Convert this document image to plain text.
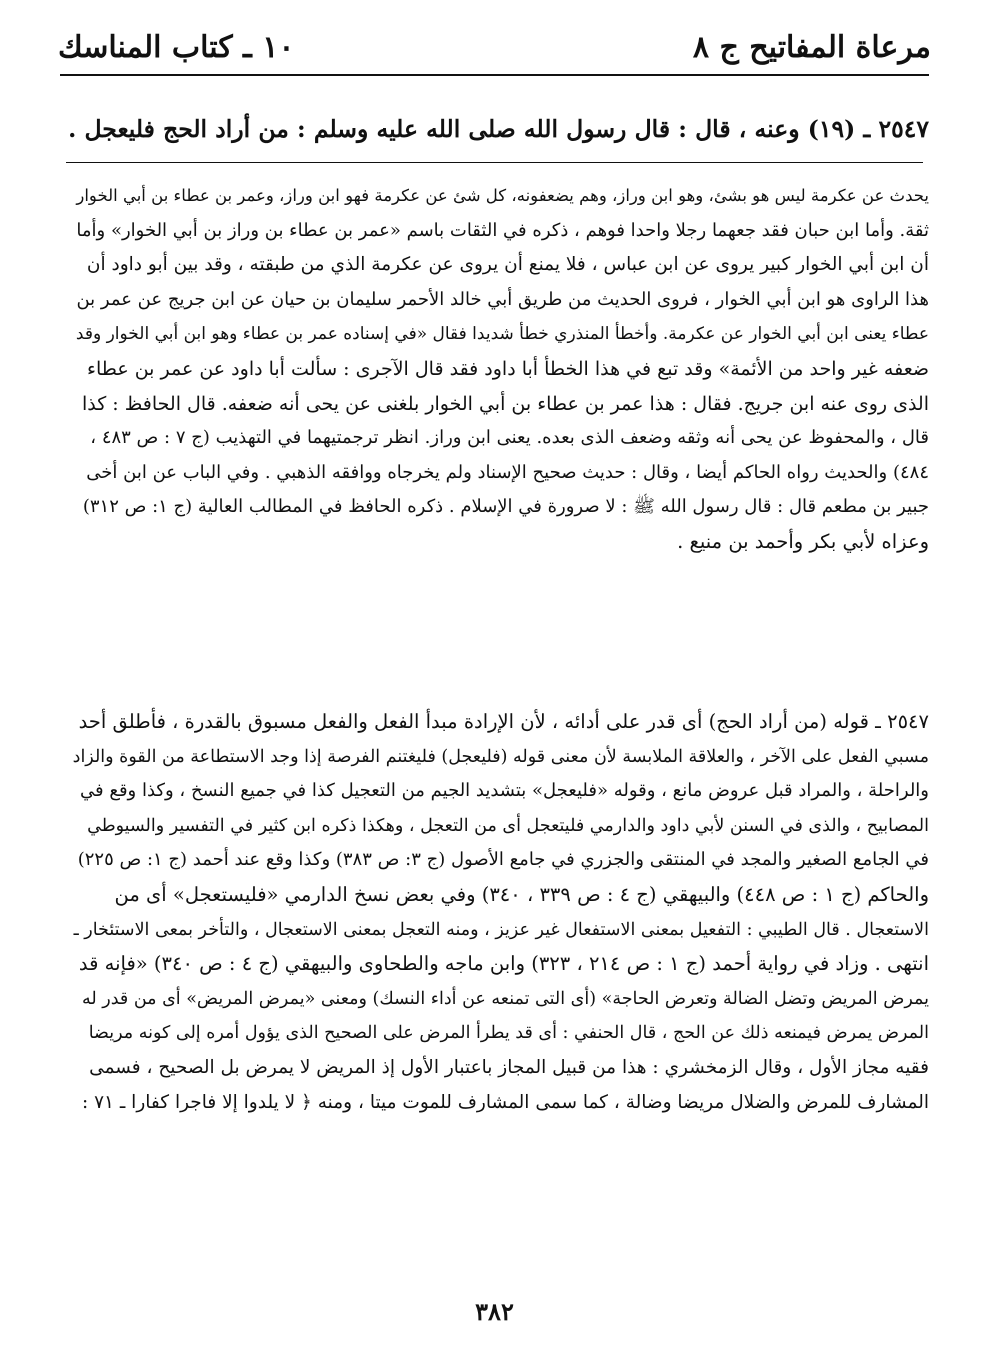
مرعاة المفاتيح ج ٨
١٠ ـ كتاب المناسك
٢٥٤٧ ـ (١٩) وعنه ، قال : قال رسول الله صلى الله عليه وسلم : من أراد الحج فليعجل .
يحدث عن عكرمة ليس هو بشئ، وهو ابن وراز، وهم يضعفونه، كل شئ عن عكرمة فهو ابن وراز، وعمر بن عطاء بن أبي الخوار
ثقة. وأما ابن حبان فقد جعهما رجلا واحدا فوهم ، ذكره في الثقات باسم «عمر بن عطاء بن وراز بن أبي الخوار» وأما
أن ابن أبي الخوار كبير يروى عن ابن عباس ، فلا يمنع أن يروى عن عكرمة الذي من طبقته ، وقد بين أبو داود أن
هذا الراوى هو ابن أبي الخوار ، فروى الحديث من طريق أبي خالد الأحمر سليمان بن حيان عن ابن جريج عن عمر بن
عطاء يعنى ابن أبي الخوار عن عكرمة. وأخطأ المنذري خطأ شديدا فقال «في إسناده عمر بن عطاء وهو ابن أبي الخوار وقد
ضعفه غير واحد من الأئمة» وقد تبع في هذا الخطأ أبا داود فقد قال الآجرى : سألت أبا داود عن عمر بن عطاء
الذى روى عنه ابن جريج. فقال : هذا عمر بن عطاء بن أبي الخوار بلغنى عن يحى أنه ضعفه. قال الحافظ : كذا
قال ، والمحفوظ عن يحى أنه وثقه وضعف الذى بعده. يعنى ابن وراز. انظر ترجمتيهما في التهذيب (ج ٧ : ص ٤٨٣ ،
٤٨٤) والحديث رواه الحاكم أيضا ، وقال : حديث صحيح الإسناد ولم يخرجاه ووافقه الذهبي . وفي الباب عن ابن أخى
جبير بن مطعم قال : قال رسول الله ﷺ : لا صرورة في الإسلام . ذكره الحافظ في المطالب العالية (ج ١: ص ٣١٢)
وعزاه لأبي بكر وأحمد بن منيع .
٢٥٤٧ ـ قوله (من أراد الحج) أى قدر على أدائه ، لأن الإرادة مبدأ الفعل والفعل مسبوق بالقدرة ، فأطلق أحد
مسبي الفعل على الآخر ، والعلاقة الملابسة لأن معنى قوله (فليعجل) فليغتنم الفرصة إذا وجد الاستطاعة من القوة والزاد
والراحلة ، والمراد قبل عروض مانع ، وقوله «فليعجل» بتشديد الجيم من التعجيل كذا في جميع النسخ ، وكذا وقع في
المصابيح ، والذى في السنن لأبي داود والدارمي فليتعجل أى من التعجل ، وهكذا ذكره ابن كثير في التفسير والسيوطي
في الجامع الصغير والمجد في المنتقى والجزري في جامع الأصول (ج ٣: ص ٣٨٣) وكذا وقع عند أحمد (ج ١: ص ٢٢٥)
والحاكم (ج ١ : ص ٤٤٨) والبيهقي (ج ٤ : ص ٣٣٩ ، ٣٤٠) وفي بعض نسخ الدارمي «فليستعجل» أى من
الاستعجال . قال الطيبي : التفعيل بمعنى الاستفعال غير عزيز ، ومنه التعجل بمعنى الاستعجال ، والتأخر بمعى الاستئخار ـ
انتهى . وزاد في رواية أحمد (ج ١ : ص ٢١٤ ، ٣٢٣) وابن ماجه والطحاوى والبيهقي (ج ٤ : ص ٣٤٠) «فإنه قد
يمرض المريض وتضل الضالة وتعرض الحاجة» (أى التى تمنعه عن أداء النسك) ومعنى «يمرض المريض» أى من قدر له
المرض يمرض فيمنعه ذلك عن الحج ، قال الحنفي : أى قد يطرأ المرض على الصحيح الذى يؤول أمره إلى كونه مريضا
فقيه مجاز الأول ، وقال الزمخشري : هذا من قبيل المجاز باعتبار الأول إذ المريض لا يمرض بل الصحيح ، فسمى
المشارف للمرض والضلال مريضا وضالة ، كما سمى المشارف للموت ميتا ، ومنه ﴿ لا يلدوا إلا فاجرا كفارا ـ ٧١ :
٣٨٢
